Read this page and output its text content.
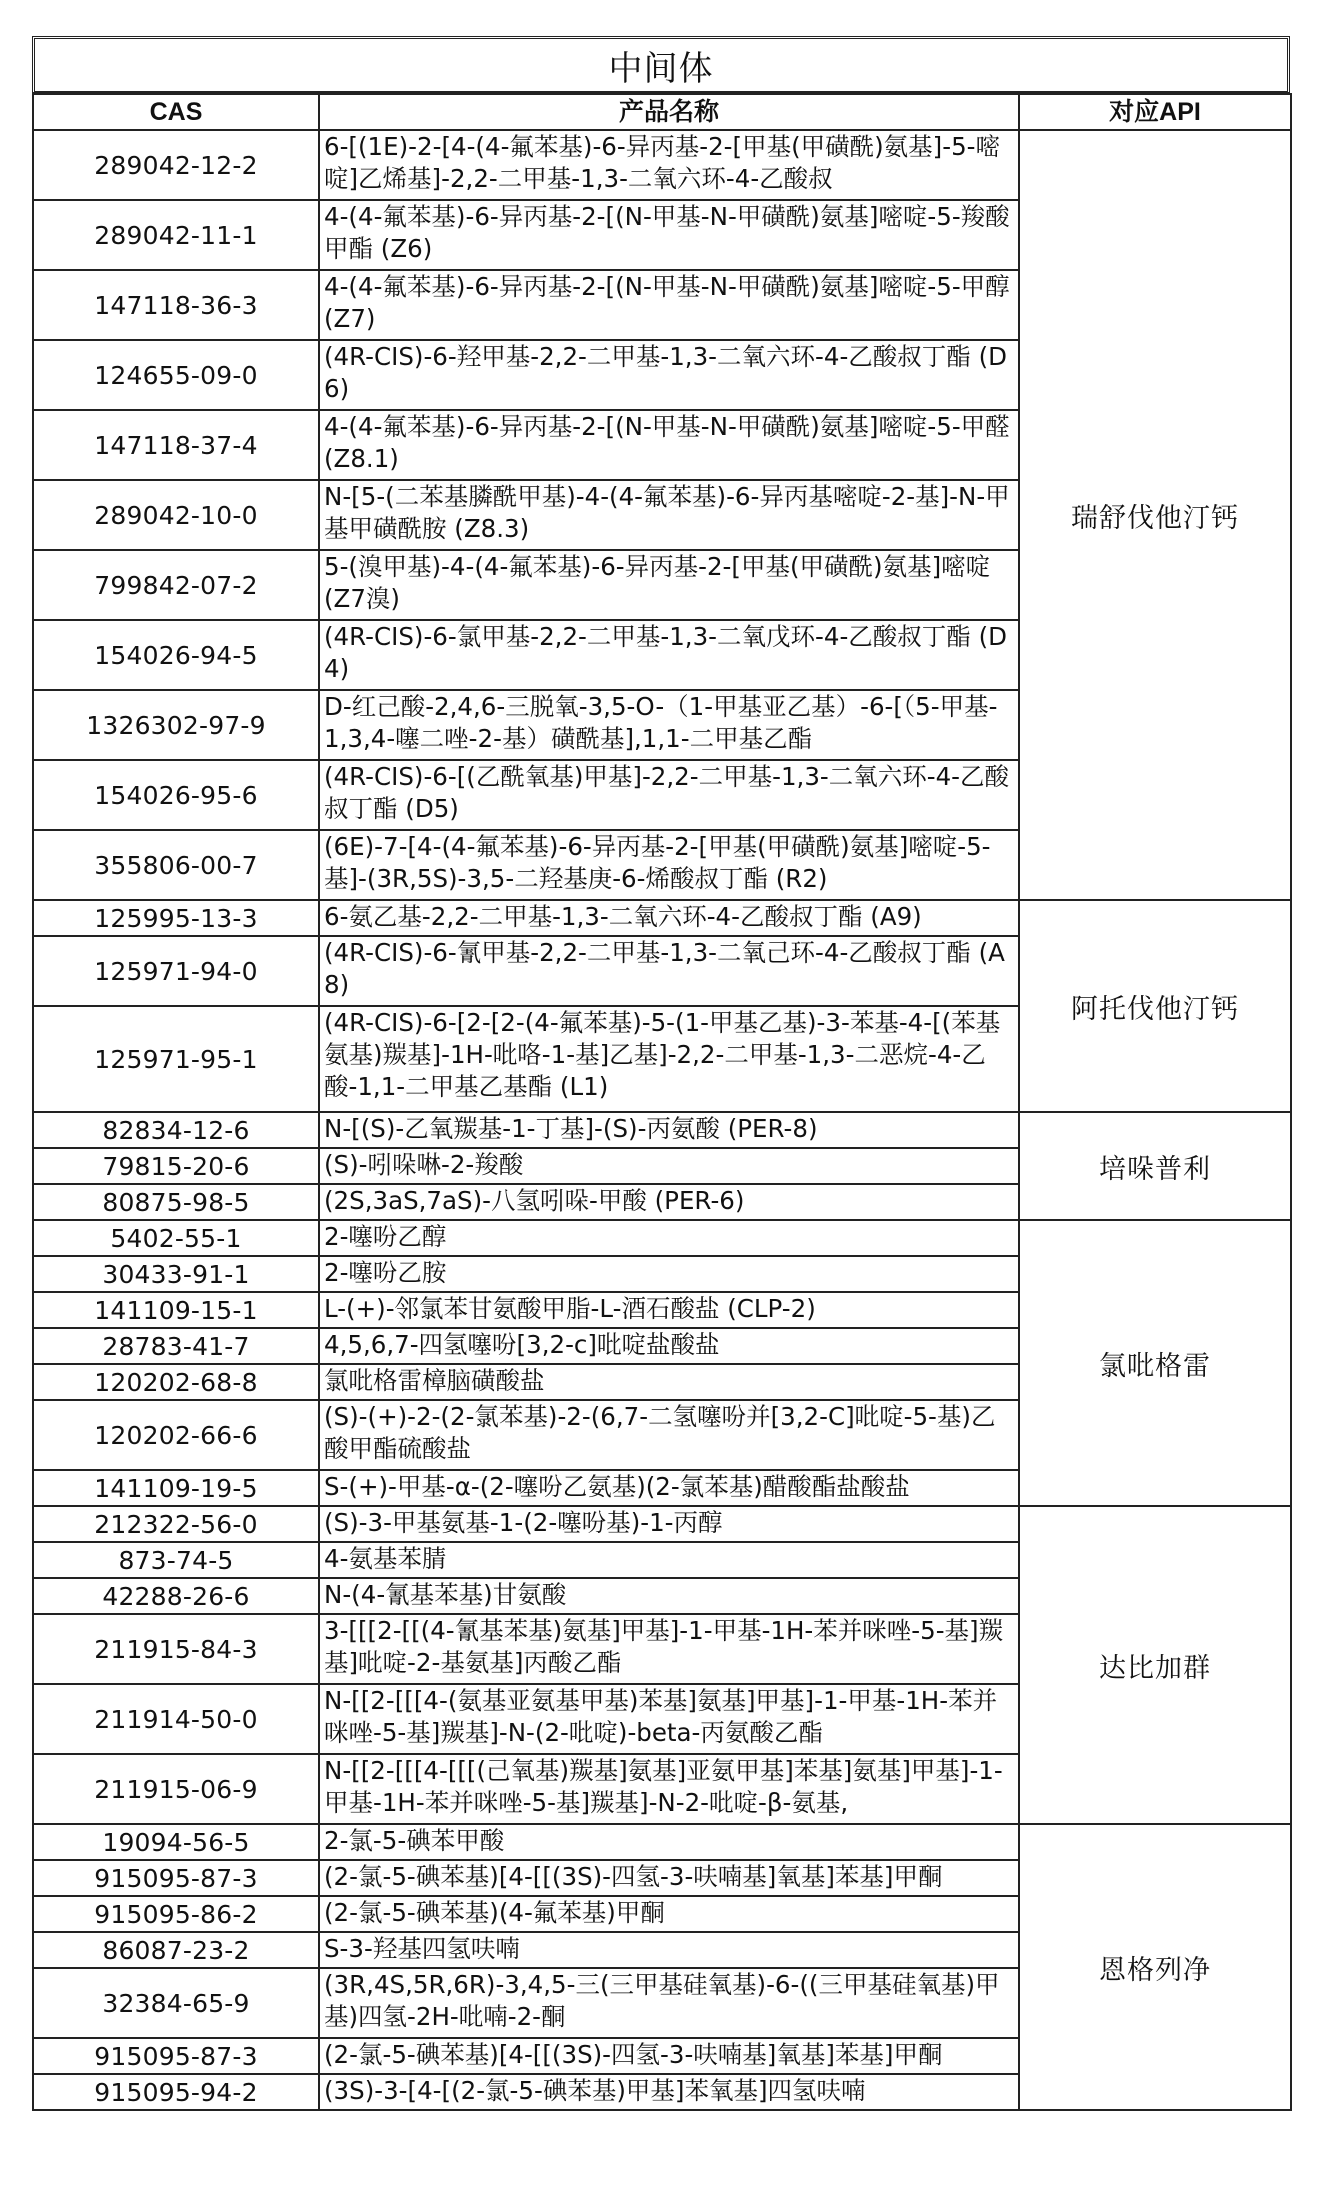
中间体
CAS	产品名称	对应API
289042-12-2	6-[(1E)-2-[4-(4-氟苯基)-6-异丙基-2-[甲基(甲磺酰)氨基]-5-嘧啶]乙烯基]-2,2-二甲基-1,3-二氧六环-4-乙酸叔	瑞舒伐他汀钙
289042-11-1	4-(4-氟苯基)-6-异丙基-2-[(N-甲基-N-甲磺酰)氨基]嘧啶-5-羧酸甲酯 (Z6)	

147118-36-3	4-(4-氟苯基)-6-异丙基-2-[(N-甲基-N-甲磺酰)氨基]嘧啶-5-甲醇 (Z7)	

124655-09-0	(4R-CIS)-6-羟甲基-2,2-二甲基-1,3-二氧六环-4-乙酸叔丁酯 (D6)	

147118-37-4	4-(4-氟苯基)-6-异丙基-2-[(N-甲基-N-甲磺酰)氨基]嘧啶-5-甲醛 (Z8.1)	

289042-10-0	N-[5-(二苯基膦酰甲基)-4-(4-氟苯基)-6-异丙基嘧啶-2-基]-N-甲基甲磺酰胺 (Z8.3)	

799842-07-2	5-(溴甲基)-4-(4-氟苯基)-6-异丙基-2-[甲基(甲磺酰)氨基]嘧啶 (Z7溴)	

154026-94-5	(4R-CIS)-6-氯甲基-2,2-二甲基-1,3-二氧戊环-4-乙酸叔丁酯 (D4)	

1326302-97-9	D-红己酸-2,4,6-三脱氧-3,5-O-（1-甲基亚乙基）-6-[（5-甲基-1,3,4-噻二唑-2-基）磺酰基],1,1-二甲基乙酯	

154026-95-6	(4R-CIS)-6-[(乙酰氧基)甲基]-2,2-二甲基-1,3-二氧六环-4-乙酸叔丁酯 (D5)	

355806-00-7	(6E)-7-[4-(4-氟苯基)-6-异丙基-2-[甲基(甲磺酰)氨基]嘧啶-5-基]-(3R,5S)-3,5-二羟基庚-6-烯酸叔丁酯 (R2)	

125995-13-3	6-氨乙基-2,2-二甲基-1,3-二氧六环-4-乙酸叔丁酯 (A9)	阿托伐他汀钙
125971-94-0	(4R-CIS)-6-氰甲基-2,2-二甲基-1,3-二氧己环-4-乙酸叔丁酯 (A8)	

125971-95-1	(4R-CIS)-6-[2-[2-(4-氟苯基)-5-(1-甲基乙基)-3-苯基-4-[(苯基氨基)羰基]-1H-吡咯-1-基]乙基]-2,2-二甲基-1,3-二恶烷-4-乙酸-1,1-二甲基乙基酯 (L1)	

82834-12-6	N-[(S)-乙氧羰基-1-丁基]-(S)-丙氨酸 (PER-8)	培哚普利
79815-20-6	(S)-吲哚啉-2-羧酸	

80875-98-5	(2S,3aS,7aS)-八氢吲哚-甲酸 (PER-6)	

5402-55-1	2-噻吩乙醇	氯吡格雷
30433-91-1	2-噻吩乙胺	

141109-15-1	L-(+)-邻氯苯甘氨酸甲脂-L-酒石酸盐 (CLP-2)	

28783-41-7	4,5,6,7-四氢噻吩[3,2-c]吡啶盐酸盐	

120202-68-8	氯吡格雷樟脑磺酸盐	

120202-66-6	(S)-(+)-2-(2-氯苯基)-2-(6,7-二氢噻吩并[3,2-C]吡啶-5-基)乙酸甲酯硫酸盐	

141109-19-5	S-(+)-甲基-α-(2-噻吩乙氨基)(2-氯苯基)醋酸酯盐酸盐	

212322-56-0	(S)-3-甲基氨基-1-(2-噻吩基)-1-丙醇	达比加群
873-74-5	4-氨基苯腈	

42288-26-6	N-(4-氰基苯基)甘氨酸	

211915-84-3	3-[[[2-[[(4-氰基苯基)氨基]甲基]-1-甲基-1H-苯并咪唑-5-基]羰基]吡啶-2-基氨基]丙酸乙酯	

211914-50-0	N-[[2-[[[4-(氨基亚氨基甲基)苯基]氨基]甲基]-1-甲基-1H-苯并咪唑-5-基]羰基]-N-(2-吡啶)-beta-丙氨酸乙酯	

211915-06-9	N-[[2-[[[4-[[[(己氧基)羰基]氨基]亚氨甲基]苯基]氨基]甲基]-1-甲基-1H-苯并咪唑-5-基]羰基]-N-2-吡啶-β-氨基,	

19094-56-5	2-氯-5-碘苯甲酸	恩格列净
915095-87-3	(2-氯-5-碘苯基)[4-[[(3S)-四氢-3-呋喃基]氧基]苯基]甲酮	

915095-86-2	(2-氯-5-碘苯基)(4-氟苯基)甲酮	

86087-23-2	S-3-羟基四氢呋喃	

32384-65-9	(3R,4S,5R,6R)-3,4,5-三(三甲基硅氧基)-6-((三甲基硅氧基)甲基)四氢-2H-吡喃-2-酮	

915095-87-3	(2-氯-5-碘苯基)[4-[[(3S)-四氢-3-呋喃基]氧基]苯基]甲酮	

915095-94-2	(3S)-3-[4-[(2-氯-5-碘苯基)甲基]苯氧基]四氢呋喃	
